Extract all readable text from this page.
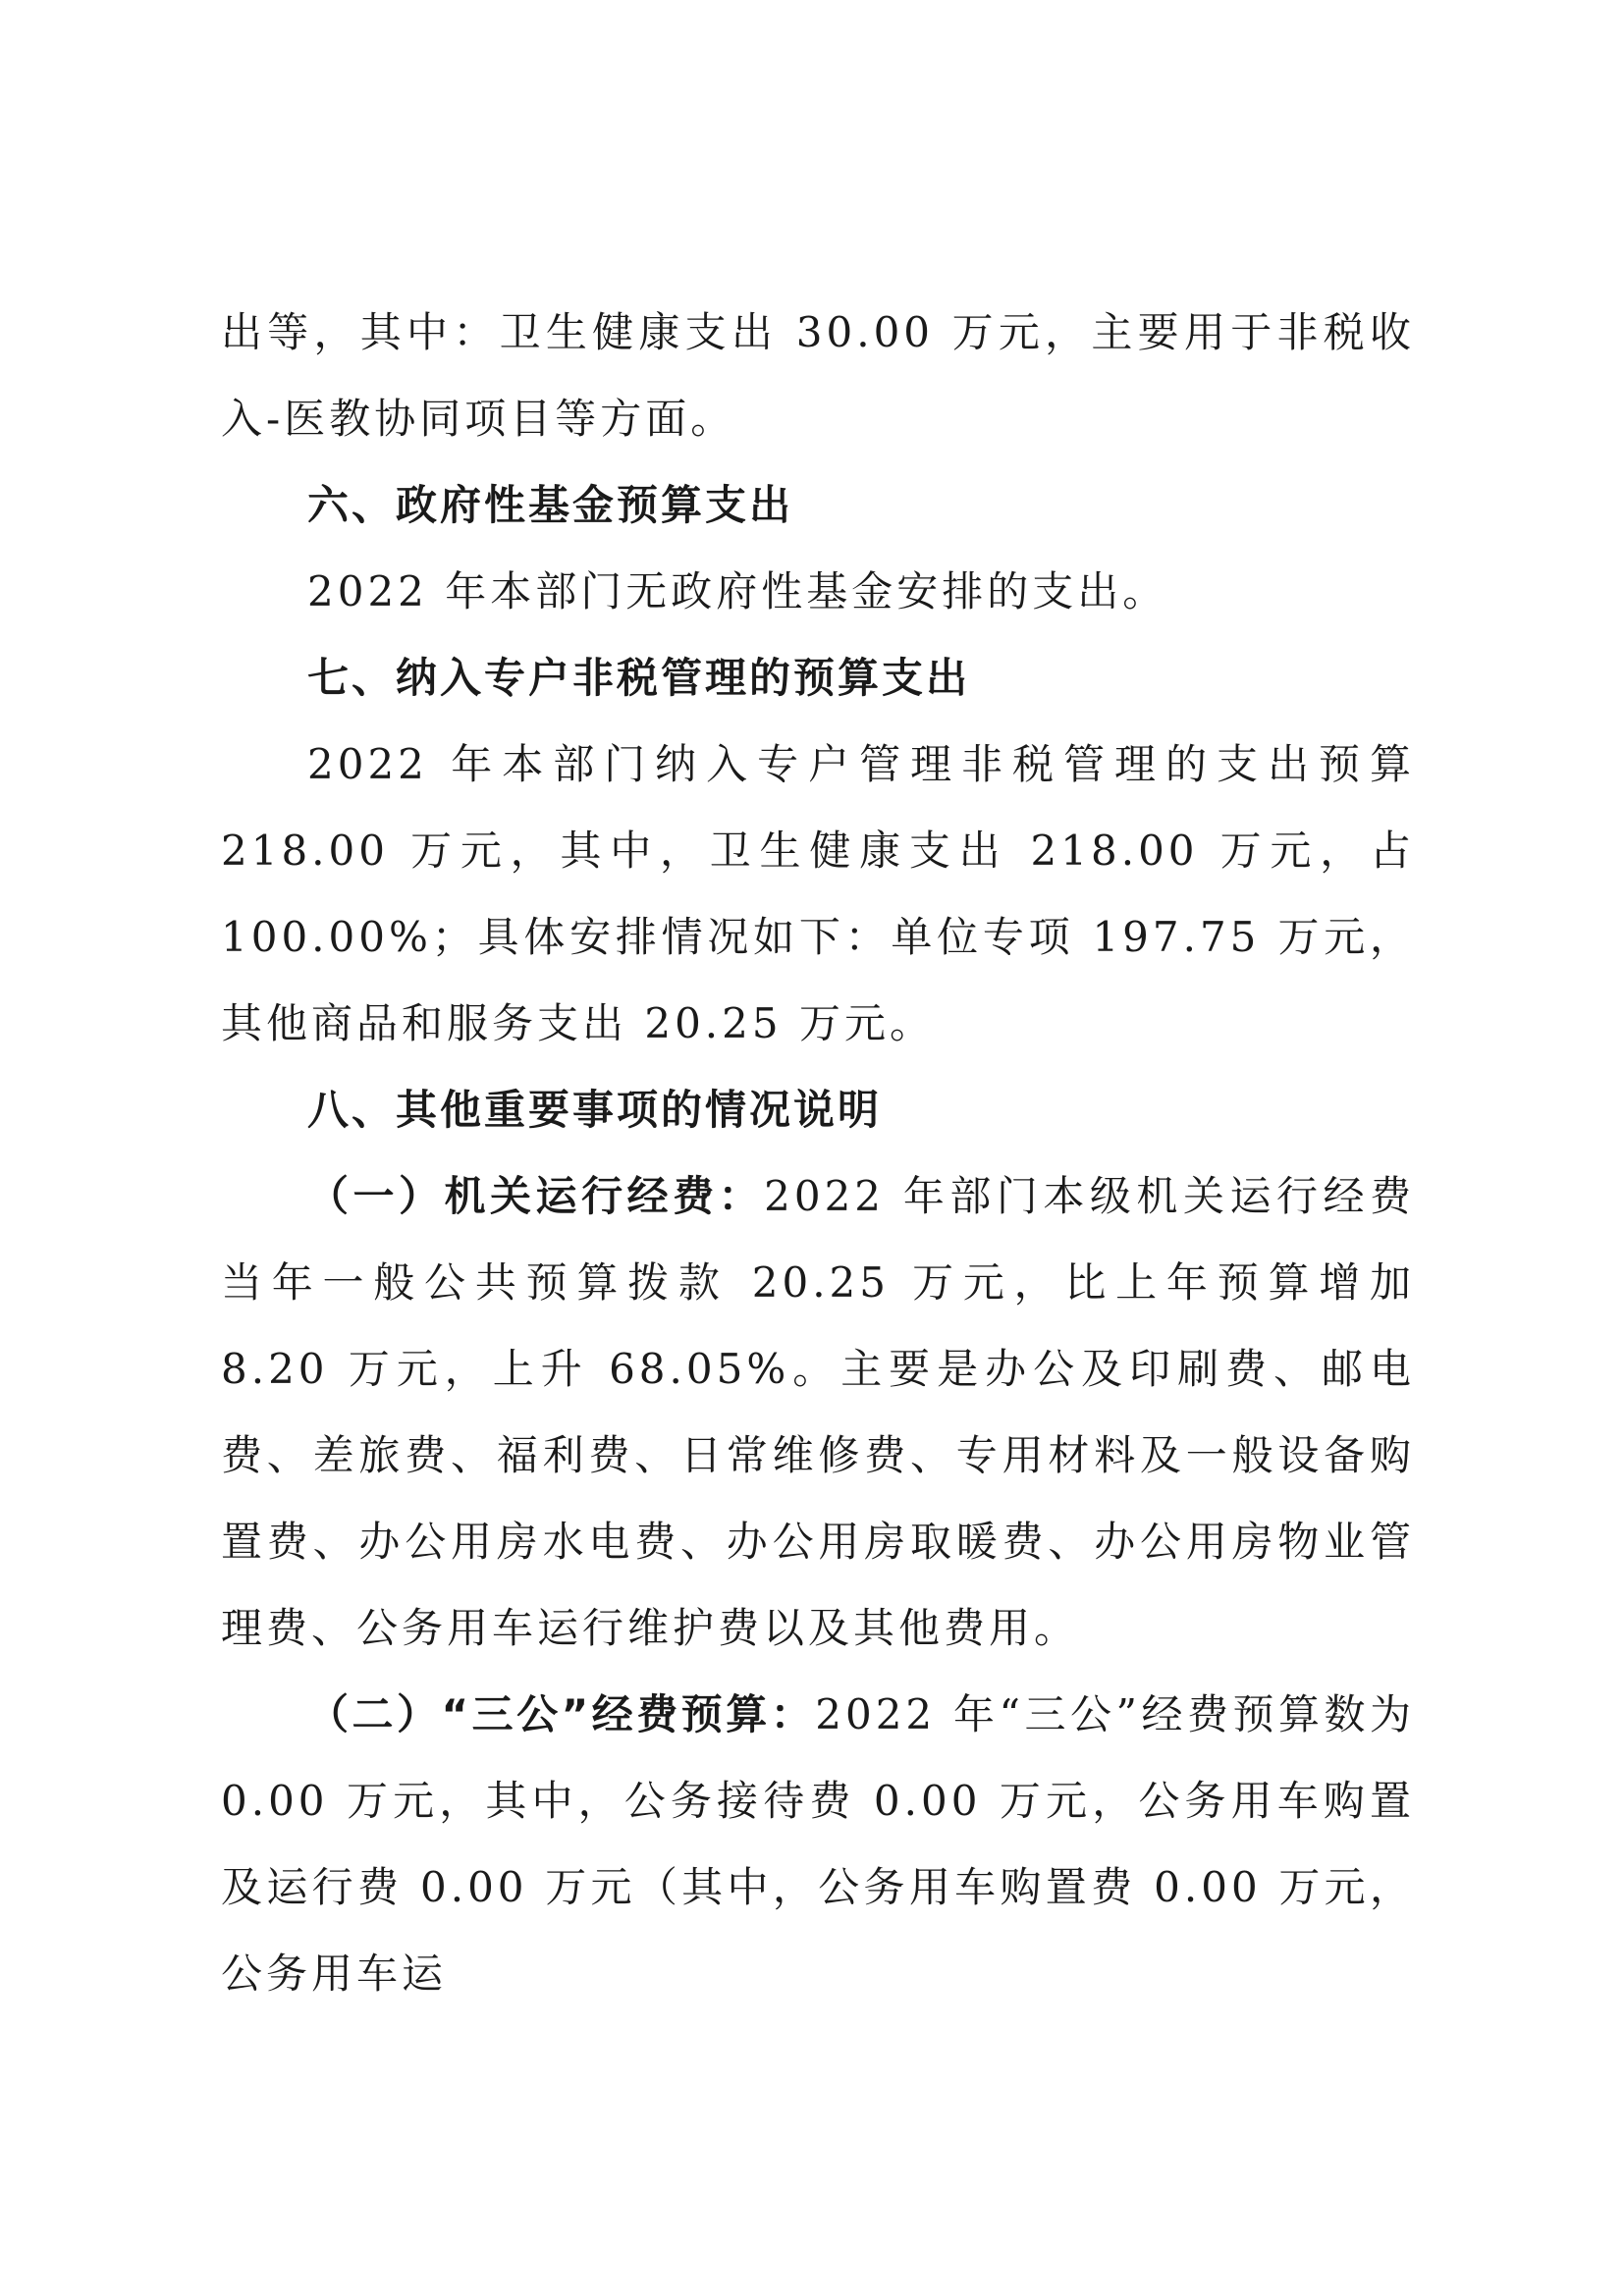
出等，其中：卫生健康支出 30.00 万元，主要用于非税收入-医教协同项目等方面。

六、政府性基金预算支出

2022 年本部门无政府性基金安排的支出。

七、纳入专户非税管理的预算支出

2022 年本部门纳入专户管理非税管理的支出预算 218.00 万元，其中，卫生健康支出 218.00 万元，占 100.00%；具体安排情况如下：单位专项 197.75 万元，其他商品和服务支出 20.25 万元。

八、其他重要事项的情况说明

（一）机关运行经费：2022 年部门本级机关运行经费当年一般公共预算拨款 20.25 万元，比上年预算增加 8.20 万元，上升 68.05%。主要是办公及印刷费、邮电费、差旅费、福利费、日常维修费、专用材料及一般设备购置费、办公用房水电费、办公用房取暖费、办公用房物业管理费、公务用车运行维护费以及其他费用。

（二）“三公”经费预算：2022 年“三公”经费预算数为 0.00 万元，其中，公务接待费 0.00 万元，公务用车购置及运行费 0.00 万元（其中，公务用车购置费 0.00 万元，公务用车运
